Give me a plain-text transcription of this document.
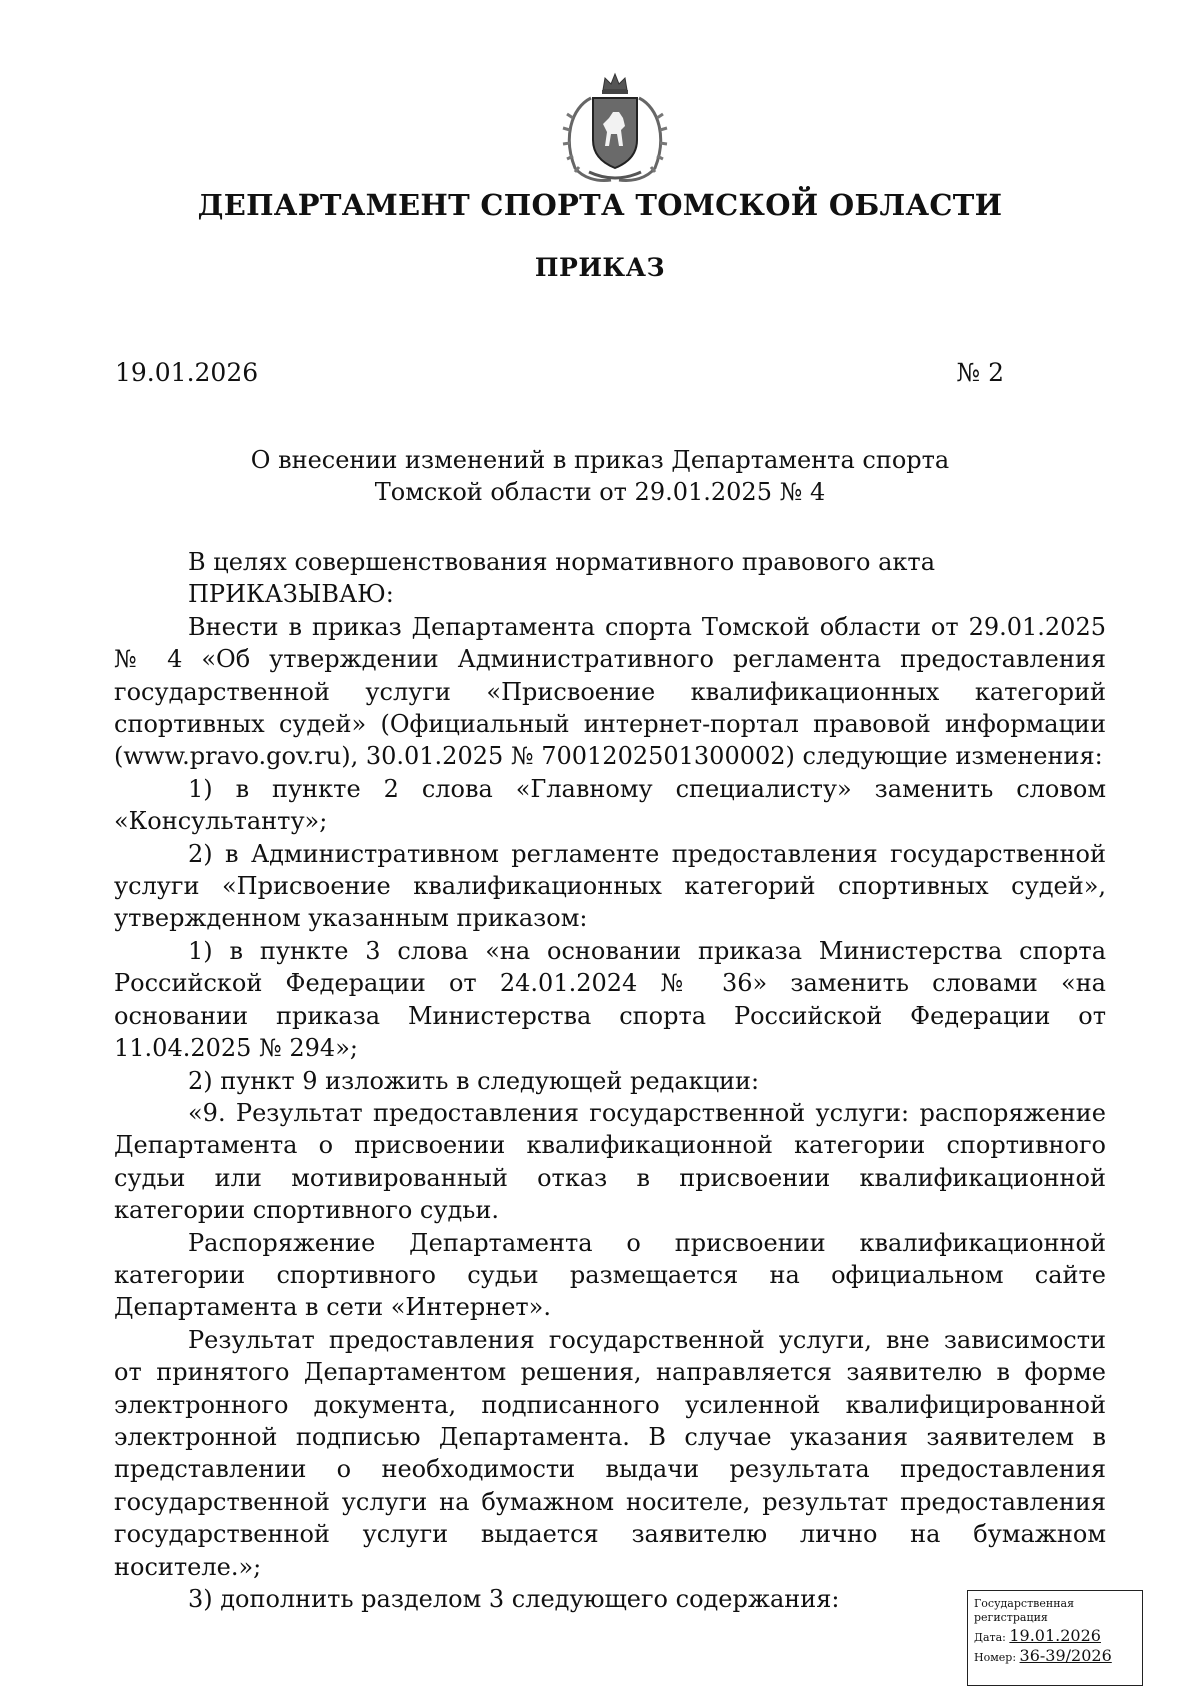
ДЕПАРТАМЕНТ СПОРТА ТОМСКОЙ ОБЛАСТИ
ПРИКАЗ
19.01.2026	№ 2
О внесении изменений в приказ Департамента спорта
Томской области от 29.01.2025 № 4

В целях совершенствования нормативного правового акта

ПРИКАЗЫВАЮ:

Внести в приказ Департамента спорта Томской области от 29.01.2025 № 4 «Об утверждении Административного регламента предоставления государственной услуги «Присвоение квалификационных категорий спортивных судей» (Официальный интернет-портал правовой информации (www.pravo.gov.ru), 30.01.2025 № 7001202501300002) следующие изменения:

1) в пункте 2 слова «Главному специалисту» заменить словом «Консультанту»;

2) в Административном регламенте предоставления государственной услуги «Присвоение квалификационных категорий спортивных судей», утвержденном указанным приказом:

1) в пункте 3 слова «на основании приказа Министерства спорта Российской Федерации от 24.01.2024 № 36» заменить словами «на основании приказа Министерства спорта Российской Федерации от 11.04.2025 № 294»;

2) пункт 9 изложить в следующей редакции:

«9. Результат предоставления государственной услуги: распоряжение Департамента о присвоении квалификационной категории спортивного судьи или мотивированный отказ в присвоении квалификационной категории спортивного судьи.

Распоряжение Департамента о присвоении квалификационной категории спортивного судьи размещается на официальном сайте Департамента в сети «Интернет».

Результат предоставления государственной услуги, вне зависимости от принятого Департаментом решения, направляется заявителю в форме электронного документа, подписанного усиленной квалифицированной электронной подписью Департамента. В случае указания заявителем в представлении о необходимости выдачи результата предоставления государственной услуги на бумажном носителе, результат предоставления государственной услуги выдается заявителю лично на бумажном носителе.»;

3) дополнить разделом 3 следующего содержания:	Государственная регистрация
Дата: 19.01.2026
Номер: 36-39/2026
